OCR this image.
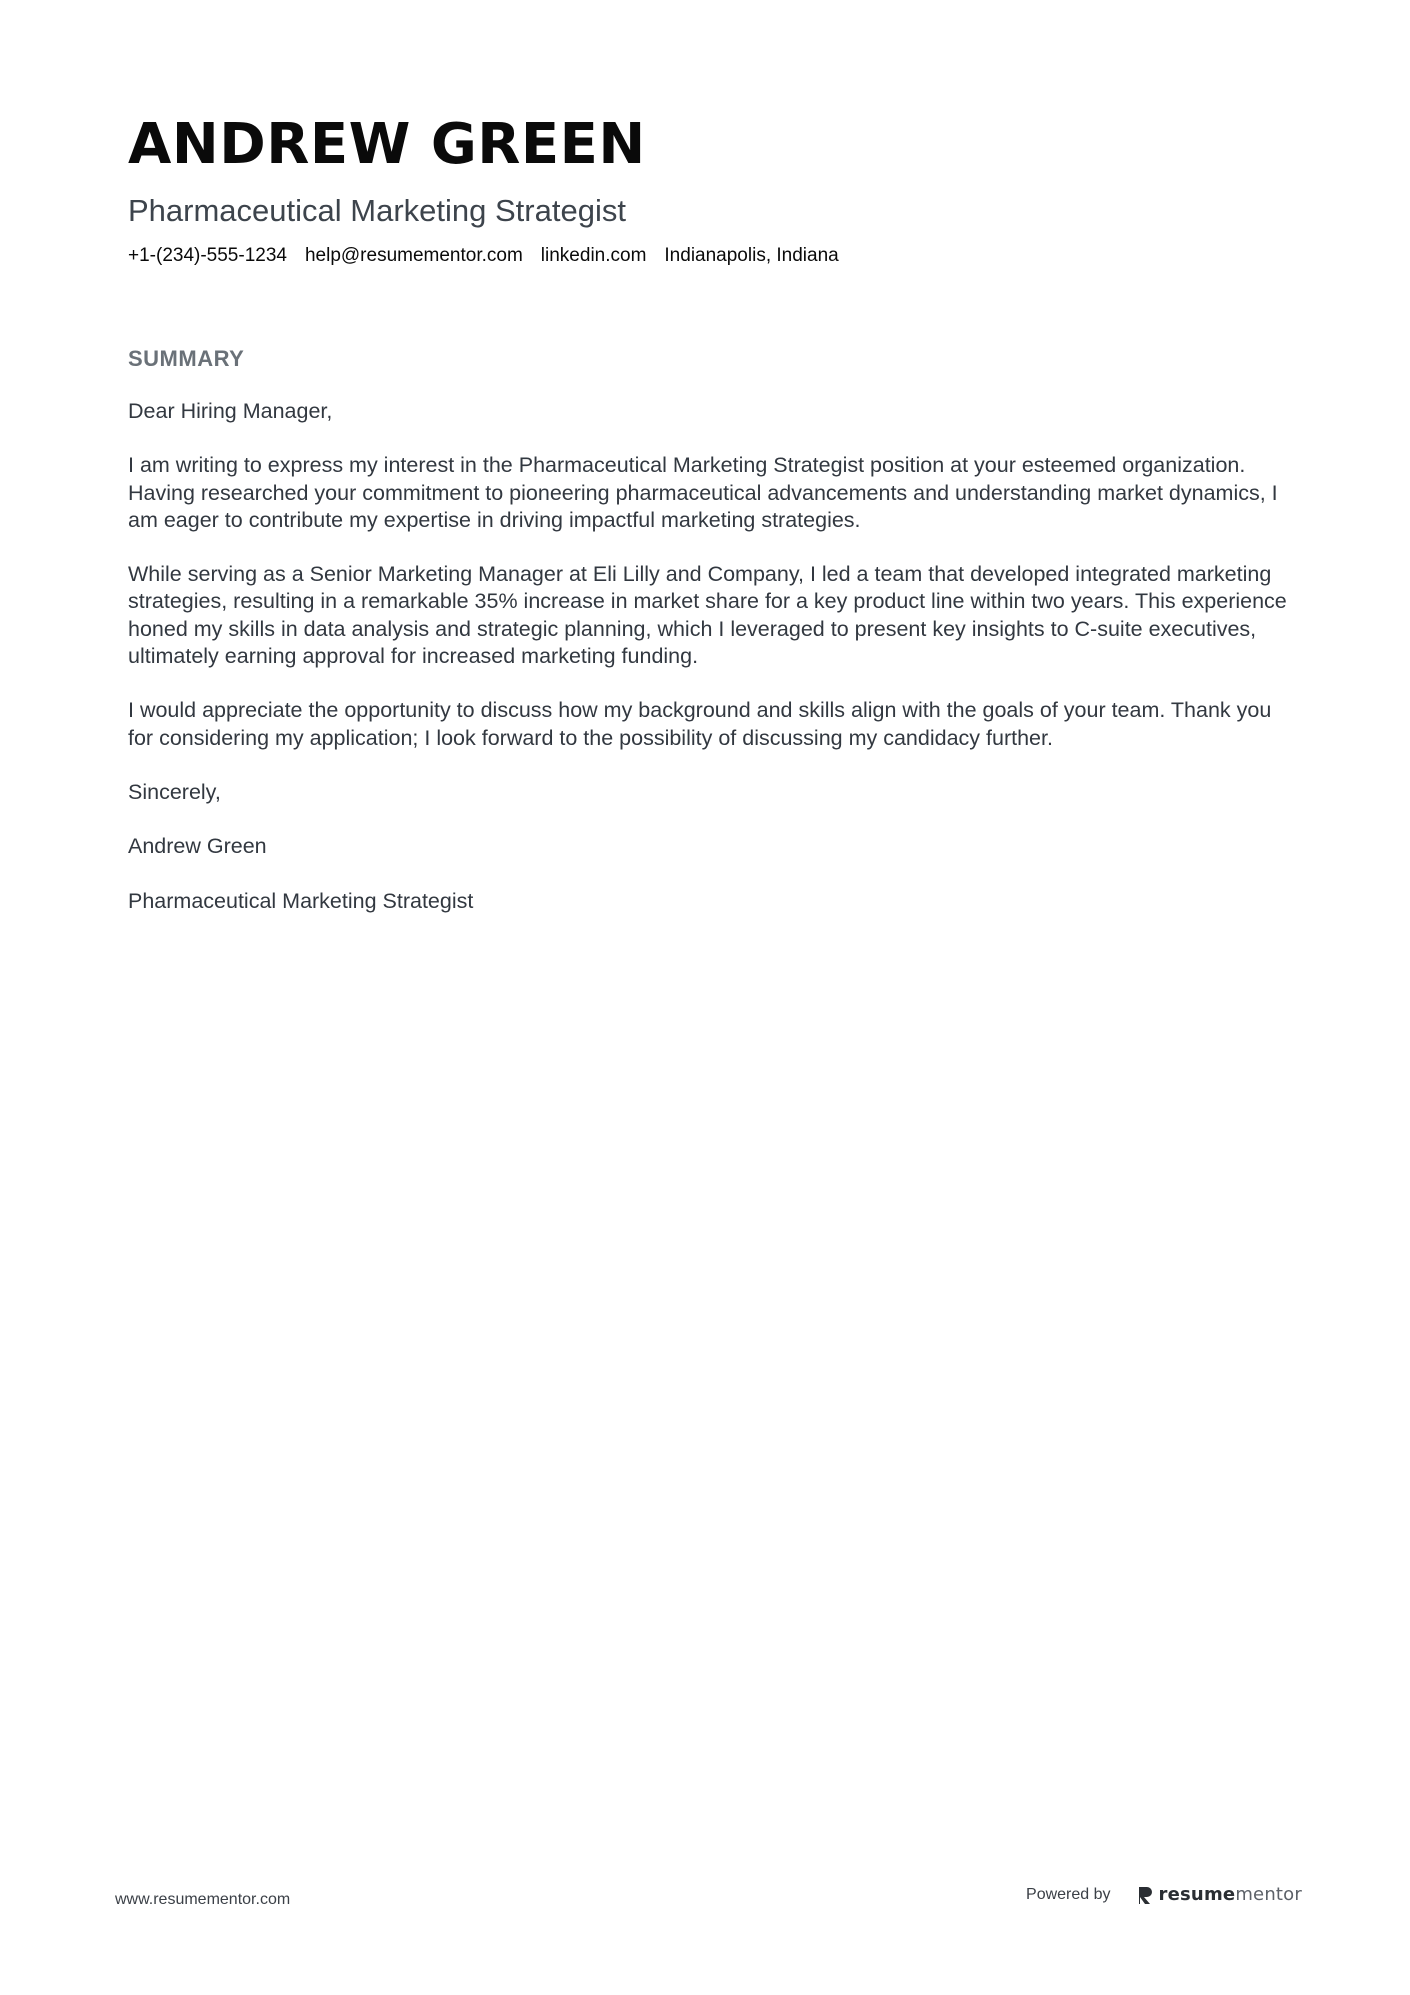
ANDREW GREEN
Pharmaceutical Marketing Strategist
+1-(234)-555-1234 help@resumementor.com linkedin.com Indianapolis, Indiana
SUMMARY

Dear Hiring Manager,

I am writing to express my interest in the Pharmaceutical Marketing Strategist position at your esteemed organization. Having researched your commitment to pioneering pharmaceutical advancements and understanding market dynamics, I am eager to contribute my expertise in driving impactful marketing strategies.

While serving as a Senior Marketing Manager at Eli Lilly and Company, I led a team that developed integrated marketing strategies, resulting in a remarkable 35% increase in market share for a key product line within two years. This experience honed my skills in data analysis and strategic planning, which I leveraged to present key insights to C-suite executives, ultimately earning approval for increased marketing funding.

I would appreciate the opportunity to discuss how my background and skills align with the goals of your team. Thank you for considering my application; I look forward to the possibility of discussing my candidacy further.

Sincerely,

Andrew Green

Pharmaceutical Marketing Strategist

www.resumementor.com	Powered by	resumementor
